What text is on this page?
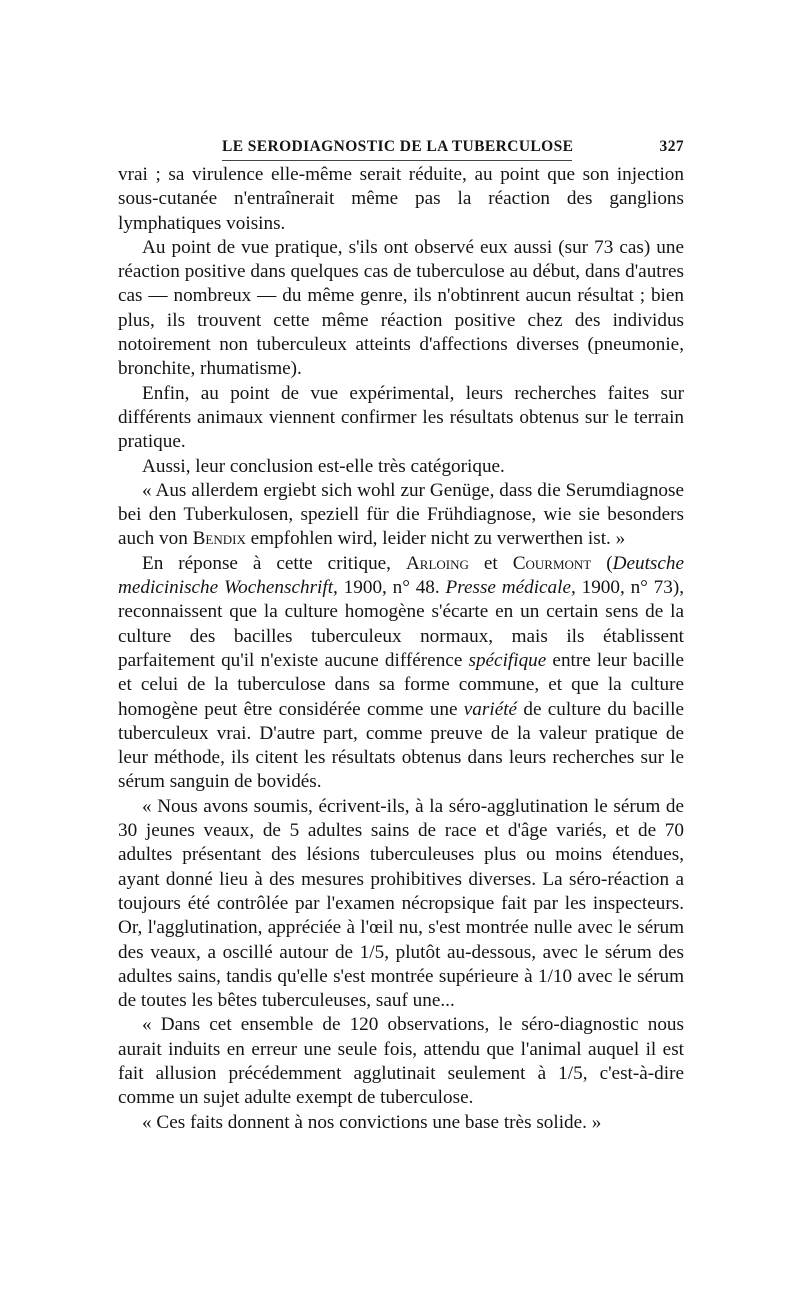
LE SERODIAGNOSTIC DE LA TUBERCULOSE	327

vrai ; sa virulence elle-même serait réduite, au point que son injection sous-cutanée n'entraînerait même pas la réaction des ganglions lymphatiques voisins.

Au point de vue pratique, s'ils ont observé eux aussi (sur 73 cas) une réaction positive dans quelques cas de tuberculose au début, dans d'autres cas — nombreux — du même genre, ils n'obtinrent aucun résultat ; bien plus, ils trouvent cette même réaction positive chez des individus notoirement non tuberculeux atteints d'affections diverses (pneumonie, bronchite, rhumatisme).

Enfin, au point de vue expérimental, leurs recherches faites sur différents animaux viennent confirmer les résultats obtenus sur le terrain pratique.

Aussi, leur conclusion est-elle très catégorique.

« Aus allerdem ergiebt sich wohl zur Genüge, dass die Serumdiagnose bei den Tuberkulosen, speziell für die Frühdiagnose, wie sie besonders auch von Bendix empfohlen wird, leider nicht zu verwerthen ist. »

En réponse à cette critique, Arloing et Courmont (Deutsche medicinische Wochenschrift, 1900, n° 48. Presse médicale, 1900, n° 73), reconnaissent que la culture homogène s'écarte en un certain sens de la culture des bacilles tuberculeux normaux, mais ils établissent parfaitement qu'il n'existe aucune différence spécifique entre leur bacille et celui de la tuberculose dans sa forme commune, et que la culture homogène peut être considérée comme une variété de culture du bacille tuberculeux vrai. D'autre part, comme preuve de la valeur pratique de leur méthode, ils citent les résultats obtenus dans leurs recherches sur le sérum sanguin de bovidés.

« Nous avons soumis, écrivent-ils, à la séro-agglutination le sérum de 30 jeunes veaux, de 5 adultes sains de race et d'âge variés, et de 70 adultes présentant des lésions tuberculeuses plus ou moins étendues, ayant donné lieu à des mesures prohibitives diverses. La séro-réaction a toujours été contrôlée par l'examen nécropsique fait par les inspecteurs. Or, l'agglutination, appréciée à l'œil nu, s'est montrée nulle avec le sérum des veaux, a oscillé autour de 1/5, plutôt au-dessous, avec le sérum des adultes sains, tandis qu'elle s'est montrée supérieure à 1/10 avec le sérum de toutes les bêtes tuberculeuses, sauf une...

« Dans cet ensemble de 120 observations, le séro-diagnostic nous aurait induits en erreur une seule fois, attendu que l'animal auquel il est fait allusion précédemment agglutinait seulement à 1/5, c'est-à-dire comme un sujet adulte exempt de tuberculose.

« Ces faits donnent à nos convictions une base très solide. »
